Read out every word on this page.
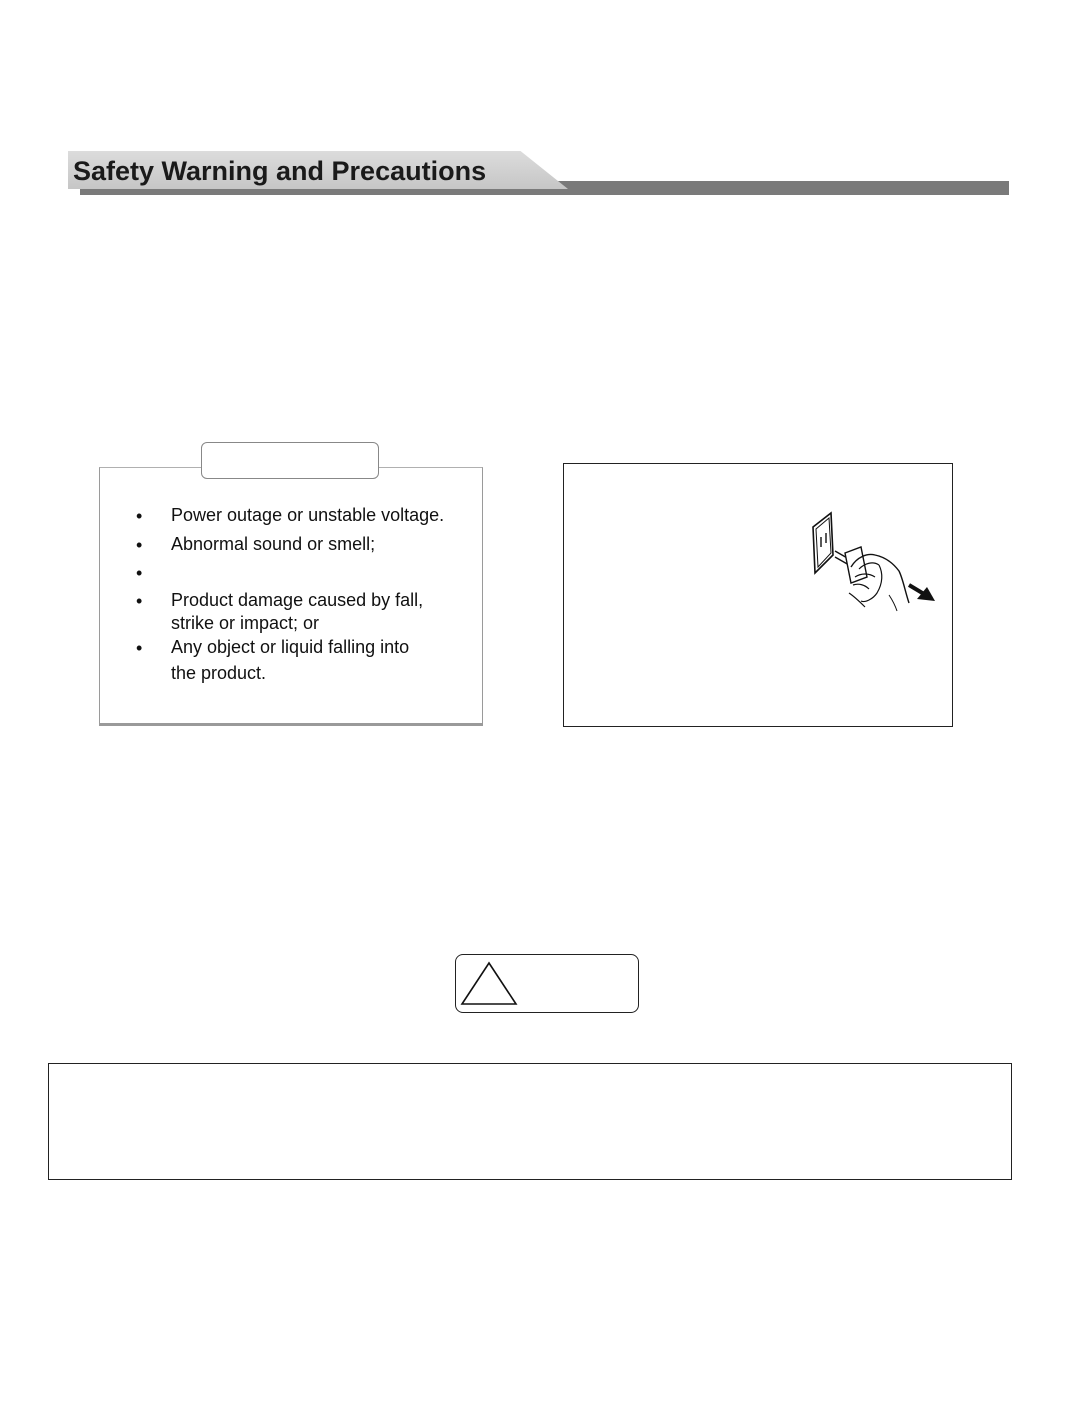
Safety Warning and Precautions
• Power outage or unstable voltage.
• Abnormal sound or smell;
•
• Product damage caused by fall,
strike or impact; or
• Any object or liquid falling into
the product.
